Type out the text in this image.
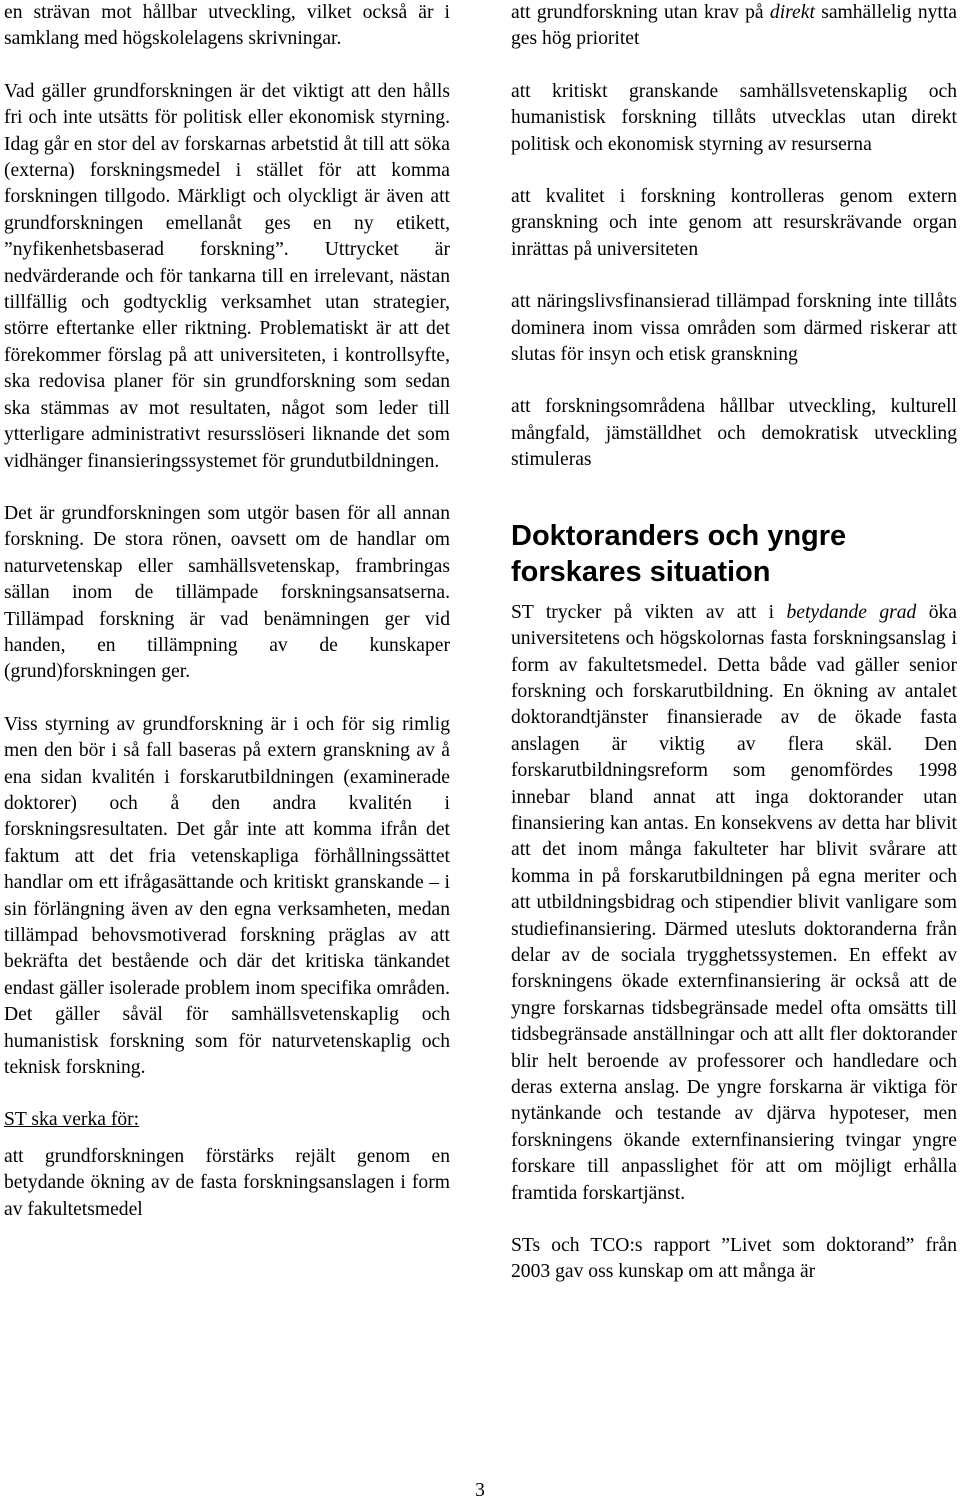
en strävan mot hållbar utveckling, vilket också är i samklang med högskolelagens skrivningar.

Vad gäller grundforskningen är det viktigt att den hålls fri och inte utsätts för politisk eller ekonomisk styrning. Idag går en stor del av forskarnas arbetstid åt till att söka (externa) forskningsmedel i stället för att komma forskningen tillgodo. Märkligt och olyckligt är även att grundforskningen emellanåt ges en ny etikett, ”nyfikenhetsbaserad forskning”. Uttrycket är nedvärderande och för tankarna till en irrelevant, nästan tillfällig och godtycklig verksamhet utan strategier, större eftertanke eller riktning. Problematiskt är att det förekommer förslag på att universiteten, i kontrollsyfte, ska redovisa planer för sin grundforskning som sedan ska stämmas av mot resultaten, något som leder till ytterligare administrativt resursslöseri liknande det som vidhänger finansieringssystemet för grundutbildningen.

Det är grundforskningen som utgör basen för all annan forskning. De stora rönen, oavsett om de handlar om naturvetenskap eller samhällsvetenskap, frambringas sällan inom de tillämpade forskningsansatserna. Tillämpad forskning är vad benämningen ger vid handen, en tillämpning av de kunskaper (grund)forskningen ger.

Viss styrning av grundforskning är i och för sig rimlig men den bör i så fall baseras på extern granskning av å ena sidan kvalitén i forskarutbildningen (examinerade doktorer) och å den andra kvalitén i forskningsresultaten. Det går inte att komma ifrån det faktum att det fria vetenskapliga förhållningssättet handlar om ett ifrågasättande och kritiskt granskande – i sin förlängning även av den egna verksamheten, medan tillämpad behovsmotiverad forskning präglas av att bekräfta det bestående och där det kritiska tänkandet endast gäller isolerade problem inom specifika områden. Det gäller såväl för samhällsvetenskaplig och humanistisk forskning som för naturvetenskaplig och teknisk forskning.

ST ska verka för:

att grundforskningen förstärks rejält genom en betydande ökning av de fasta forskningsanslagen i form av fakultetsmedel

att grundforskning utan krav på direkt samhällelig nytta ges hög prioritet

att kritiskt granskande samhällsvetenskaplig och humanistisk forskning tillåts utvecklas utan direkt politisk och ekonomisk styrning av resurserna

att kvalitet i forskning kontrolleras genom extern granskning och inte genom att resurskrävande organ inrättas på universiteten

att näringslivsfinansierad tillämpad forskning inte tillåts dominera inom vissa områden som därmed riskerar att slutas för insyn och etisk granskning

att forskningsområdena hållbar utveckling, kulturell mångfald, jämställdhet och demokratisk utveckling stimuleras

Doktoranders och yngre forskares situation

ST trycker på vikten av att i betydande grad öka universitetens och högskolornas fasta forskningsanslag i form av fakultetsmedel. Detta både vad gäller senior forskning och forskarutbildning. En ökning av antalet doktorandtjänster finansierade av de ökade fasta anslagen är viktig av flera skäl. Den forskarutbildningsreform som genomfördes 1998 innebar bland annat att inga doktorander utan finansiering kan antas. En konsekvens av detta har blivit att det inom många fakulteter har blivit svårare att komma in på forskarutbildningen på egna meriter och att utbildningsbidrag och stipendier blivit vanligare som studiefinansiering. Därmed utesluts doktoranderna från delar av de sociala trygghetssystemen. En effekt av forskningens ökade externfinansiering är också att de yngre forskarnas tidsbegränsade medel ofta omsätts till tidsbegränsade anställningar och att allt fler doktorander blir helt beroende av professorer och handledare och deras externa anslag. De yngre forskarna är viktiga för nytänkande och testande av djärva hypoteser, men forskningens ökande externfinansiering tvingar yngre forskare till anpasslighet för att om möjligt erhålla framtida forskartjänst.

STs och TCO:s rapport ”Livet som doktorand” från 2003 gav oss kunskap om att många är

3
